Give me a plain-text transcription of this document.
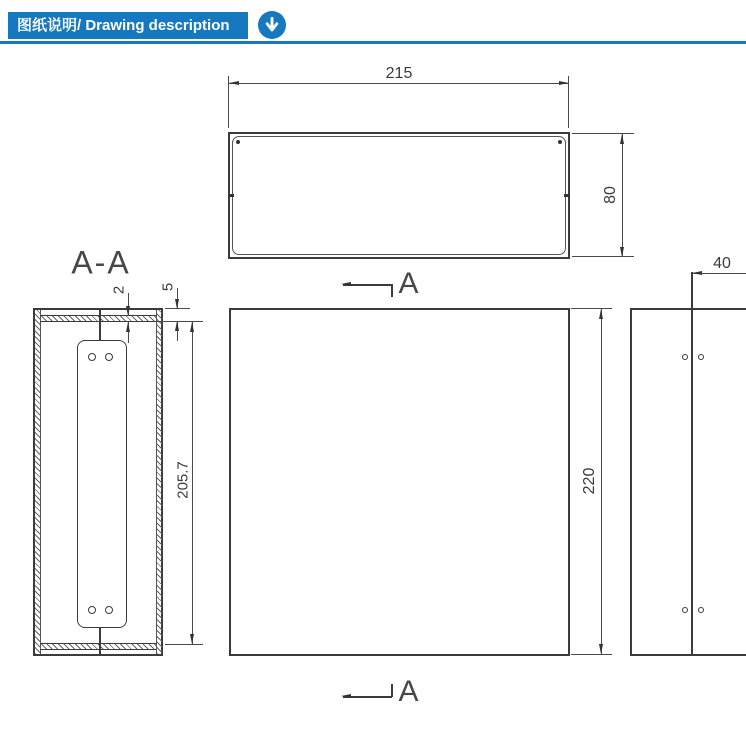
图纸说明/ Drawing description
215
80
A
A-A
2 5
205.7	220
A
40
